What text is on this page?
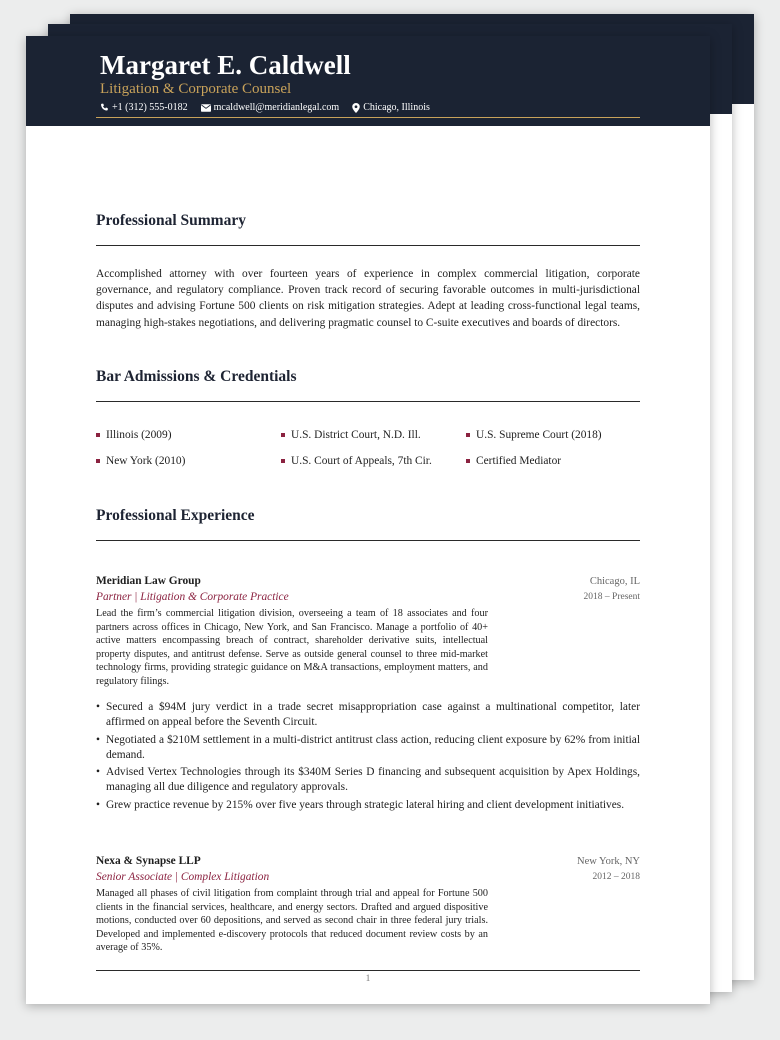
Margaret E. Caldwell
Litigation & Corporate Counsel
+1 (312) 555-0182	mcaldwell@meridianlegal.com Chicago, Illinois
Professional Summary
Accomplished attorney with over fourteen years of experience in complex commercial litigation, corporate governance, and regulatory compliance. Proven track record of securing favorable outcomes in multi-jurisdictional disputes and advising Fortune 500 clients on risk mitigation strategies. Adept at leading cross-functional legal teams, managing high-stakes negotiations, and delivering pragmatic counsel to C-suite executives and boards of directors.
Bar Admissions & Credentials
Illinois (2009)	U.S. District Court, N.D. Ill.	U.S. Supreme Court (2018)
New York (2010)	U.S. Court of Appeals, 7th Cir.	Certified Mediator
Professional Experience
Meridian Law Group	Chicago, IL
Partner | Litigation & Corporate Practice	2018 – Present
Lead the firm’s commercial litigation division, overseeing a team of 18 associates and four partners across offices in Chicago, New York, and San Francisco. Manage a portfolio of 40+ active matters encompassing breach of contract, shareholder derivative suits, intellectual property disputes, and antitrust defense. Serve as outside general counsel to three mid-market technology firms, providing strategic guidance on M&A transactions, employment matters, and regulatory filings.
• Secured a $94M jury verdict in a trade secret misappropriation case against a multinational competitor, later affirmed on appeal before the Seventh Circuit.
• Negotiated a $210M settlement in a multi-district antitrust class action, reducing client exposure by 62% from initial demand.
• Advised Vertex Technologies through its $340M Series D financing and subsequent acquisition by Apex Holdings, managing all due diligence and regulatory approvals.
• Grew practice revenue by 215% over five years through strategic lateral hiring and client development initiatives.
Nexa & Synapse LLP	New York, NY
Senior Associate | Complex Litigation	2012 – 2018
Managed all phases of civil litigation from complaint through trial and appeal for Fortune 500 clients in the financial services, healthcare, and energy sectors. Drafted and argued dispositive motions, conducted over 60 depositions, and served as second chair in three federal jury trials. Developed and implemented e-discovery protocols that reduced document review costs by an average of 35%.
1
